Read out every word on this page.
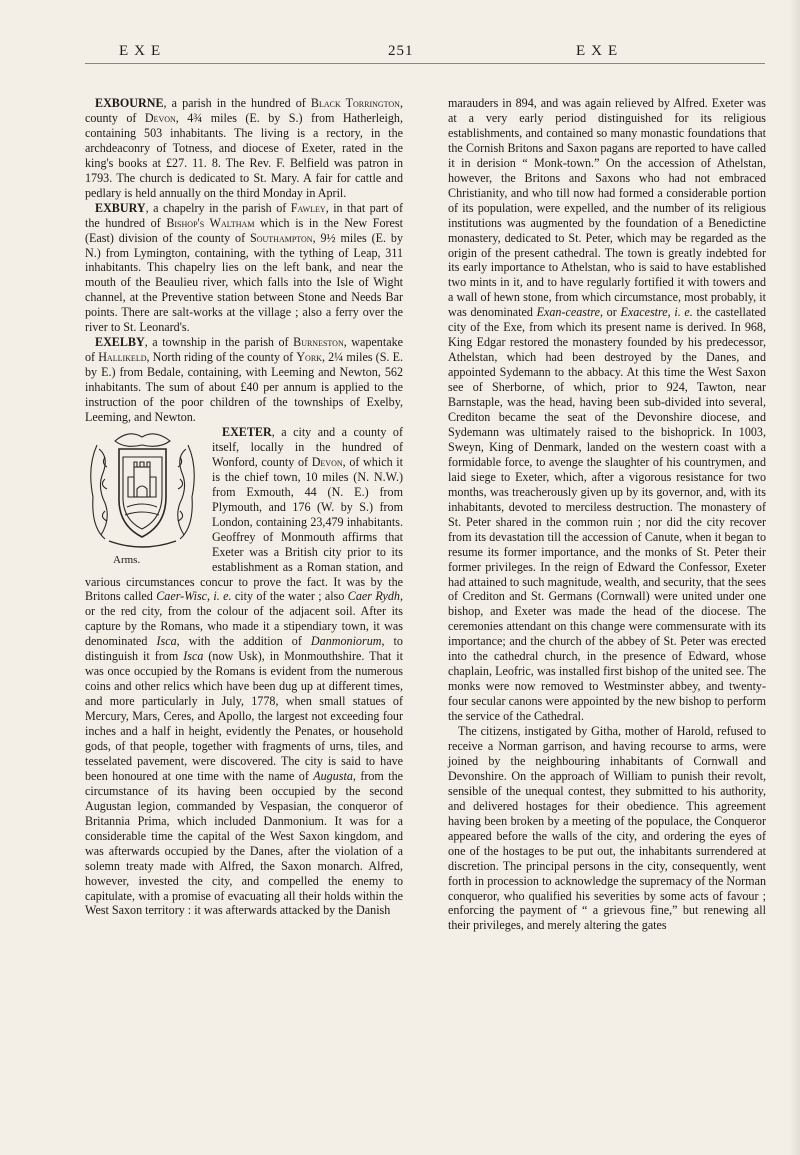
EXE	251	EXE

EXBOURNE, a parish in the hundred of Black Torrington, county of Devon, 4¾ miles (E. by S.) from Hatherleigh, containing 503 inhabitants. The living is a rectory, in the archdeaconry of Totness, and diocese of Exeter, rated in the king's books at £27. 11. 8. The Rev. F. Belfield was patron in 1793. The church is dedicated to St. Mary. A fair for cattle and pedlary is held annually on the third Monday in April.

EXBURY, a chapelry in the parish of Fawley, in that part of the hundred of Bishop's Waltham which is in the New Forest (East) division of the county of Southampton, 9½ miles (E. by N.) from Lymington, containing, with the tything of Leap, 311 inhabitants. This chapelry lies on the left bank, and near the mouth of the Beaulieu river, which falls into the Isle of Wight channel, at the Preventive station between Stone and Needs Bar points. There are salt-works at the village ; also a ferry over the river to St. Leonard's.

EXELBY, a township in the parish of Burneston, wapentake of Hallikeld, North riding of the county of York, 2¼ miles (S. E. by E.) from Bedale, containing, with Leeming and Newton, 562 inhabitants. The sum of about £40 per annum is applied to the instruction of the poor children of the townships of Exelby, Leeming, and Newton.

Arms.

EXETER, a city and a county of itself, locally in the hundred of Wonford, county of Devon, of which it is the chief town, 10 miles (N. N.W.) from Exmouth, 44 (N. E.) from Plymouth, and 176 (W. by S.) from London, containing 23,479 inhabitants. Geoffrey of Monmouth affirms that Exeter was a British city prior to its establishment as a Roman station, and various circumstances concur to prove the fact. It was by the Britons called Caer-Wisc, i. e. city of the water ; also Caer Rydh, or the red city, from the colour of the adjacent soil. After its capture by the Romans, who made it a stipendiary town, it was denominated Isca, with the addition of Danmoniorum, to distinguish it from Isca (now Usk), in Monmouthshire. That it was once occupied by the Romans is evident from the numerous coins and other relics which have been dug up at different times, and more particularly in July, 1778, when small statues of Mercury, Mars, Ceres, and Apollo, the largest not exceeding four inches and a half in height, evidently the Penates, or household gods, of that people, together with fragments of urns, tiles, and tesselated pavement, were discovered. The city is said to have been honoured at one time with the name of Augusta, from the circumstance of its having been occupied by the second Augustan legion, commanded by Vespasian, the conqueror of Britannia Prima, which included Danmonium. It was for a considerable time the capital of the West Saxon kingdom, and was afterwards occupied by the Danes, after the violation of a solemn treaty made with Alfred, the Saxon monarch. Alfred, however, invested the city, and compelled the enemy to capitulate, with a promise of evacuating all their holds within the West Saxon territory : it was afterwards attacked by the Danish

marauders in 894, and was again relieved by Alfred. Exeter was at a very early period distinguished for its religious establishments, and contained so many monastic foundations that the Cornish Britons and Saxon pagans are reported to have called it in derision “ Monk-town.” On the accession of Athelstan, however, the Britons and Saxons who had not embraced Christianity, and who till now had formed a considerable portion of its population, were expelled, and the number of its religious institutions was augmented by the foundation of a Benedictine monastery, dedicated to St. Peter, which may be regarded as the origin of the present cathedral. The town is greatly indebted for its early importance to Athelstan, who is said to have established two mints in it, and to have regularly fortified it with towers and a wall of hewn stone, from which circumstance, most probably, it was denominated Exan-ceastre, or Exacestre, i. e. the castellated city of the Exe, from which its present name is derived. In 968, King Edgar restored the monastery founded by his predecessor, Athelstan, which had been destroyed by the Danes, and appointed Sydemann to the abbacy. At this time the West Saxon see of Sherborne, of which, prior to 924, Tawton, near Barnstaple, was the head, having been sub-divided into several, Crediton became the seat of the Devonshire diocese, and Sydemann was ultimately raised to the bishoprick. In 1003, Sweyn, King of Denmark, landed on the western coast with a formidable force, to avenge the slaughter of his countrymen, and laid siege to Exeter, which, after a vigorous resistance for two months, was treacherously given up by its governor, and, with its inhabitants, devoted to merciless destruction. The monastery of St. Peter shared in the common ruin ; nor did the city recover from its devastation till the accession of Canute, when it began to resume its former importance, and the monks of St. Peter their former privileges. In the reign of Edward the Confessor, Exeter had attained to such magnitude, wealth, and security, that the sees of Crediton and St. Germans (Cornwall) were united under one bishop, and Exeter was made the head of the diocese. The ceremonies attendant on this change were commensurate with its importance; and the church of the abbey of St. Peter was erected into the cathedral church, in the presence of Edward, whose chaplain, Leofric, was installed first bishop of the united see. The monks were now removed to Westminster abbey, and twenty-four secular canons were appointed by the new bishop to perform the service of the Cathedral.

The citizens, instigated by Githa, mother of Harold, refused to receive a Norman garrison, and having recourse to arms, were joined by the neighbouring inhabitants of Cornwall and Devonshire. On the approach of William to punish their revolt, sensible of the unequal contest, they submitted to his authority, and delivered hostages for their obedience. This agreement having been broken by a meeting of the populace, the Conqueror appeared before the walls of the city, and ordering the eyes of one of the hostages to be put out, the inhabitants surrendered at discretion. The principal persons in the city, consequently, went forth in procession to acknowledge the supremacy of the Norman conqueror, who qualified his severities by some acts of favour ; enforcing the payment of “ a grievous fine,” but renewing all their privileges, and merely altering the gates
